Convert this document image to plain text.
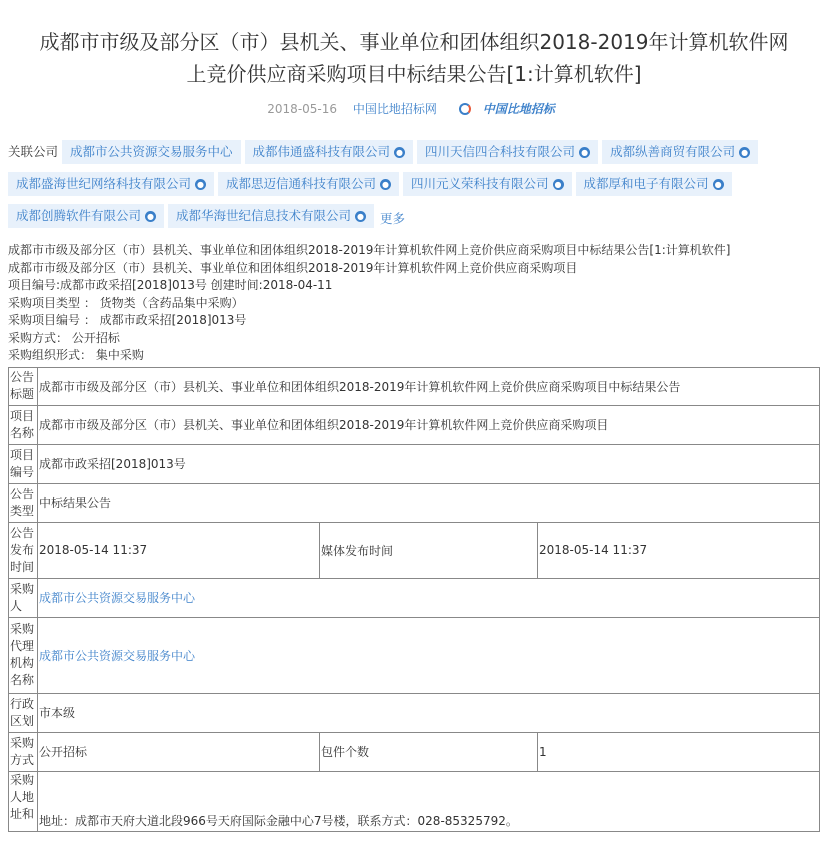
成都市市级及部分区（市）县机关、事业单位和团体组织2018-2019年计算机软件网
上竞价供应商采购项目中标结果公告[1:计算机软件]
2018-05-16 中国比地招标网	中国比地招标
关联公司 成都市公共资源交易服务中心 成都伟通盛科技有限公司 ● 四川天信四合科技有限公司 ● 成都纵善商贸有限公司 ●
成都盛海世纪网络科技有限公司 ● 成都思迈信通科技有限公司 ● 四川元义荣科技有限公司 ● 成都厚和电子有限公司 ●
成都创腾软件有限公司 ● 成都华海世纪信息技术有限公司 ● 更多
成都市市级及部分区（市）县机关、事业单位和团体组织2018-2019年计算机软件网上竞价供应商采购项目中标结果公告[1:计算机软件]
成都市市级及部分区（市）县机关、事业单位和团体组织2018-2019年计算机软件网上竞价供应商采购项目
项目编号:成都市政采招[2018]013号 创建时间:2018-04-11
采购项目类型 ： 货物类（含药品集中采购）
采购项目编号 ： 成都市政采招[2018]013号
采购方式： 公开招标
采购组织形式： 集中采购
公告标题	成都市市级及部分区（市）县机关、事业单位和团体组织2018-2019年计算机软件网上竞价供应商采购项目中标结果公告		
项目名称	成都市市级及部分区（市）县机关、事业单位和团体组织2018-2019年计算机软件网上竞价供应商采购项目		
项目编号	成都市政采招[2018]013号		
公告类型	中标结果公告		
公告发布时间	2018-05-14 11:37	媒体发布时间	2018-05-14 11:37
采购人	成都市公共资源交易服务中心		
采购代理机构名称	成都市公共资源交易服务中心		
行政区划	市本级		
采购方式	公开招标	包件个数	1
采购人地址和	地址：成都市天府大道北段966号天府国际金融中心7号楼，联系方式：028-85325792。		
